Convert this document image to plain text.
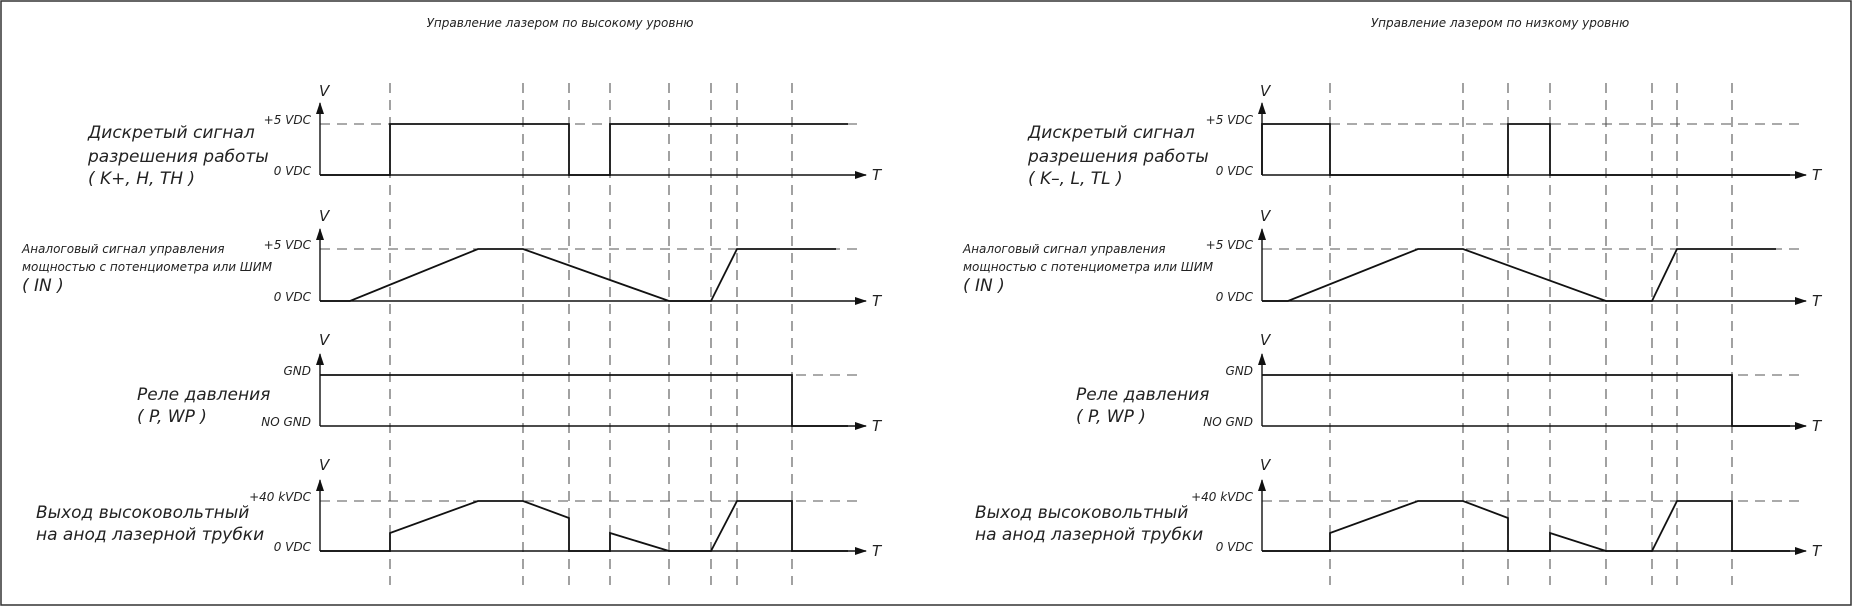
Управление лазером по высокому уровню
V
T
V
T
V
T
V
T
+5 VDC
0 VDC
+5 VDC
0 VDC
GND
NO GND
+40 kVDC
0 VDC
Дискретый сигнал
разрешения работы
( K+, H, TH )
Аналоговый сигнал управления
мощностью с потенциометра или ШИМ
( IN )
Реле давления
( P, WP )
Выход высоковольтный
на анод лазерной трубки
Управление лазером по низкому уровню
V
T
V
T
V
T
V
T
+5 VDC
0 VDC
+5 VDC
0 VDC
GND
NO GND
+40 kVDC
0 VDC
Дискретый сигнал
разрешения работы
( K–, L, TL )
Аналоговый сигнал управления
мощностью с потенциометра или ШИМ
( IN )
Реле давления
( P, WP )
Выход высоковольтный
на анод лазерной трубки
